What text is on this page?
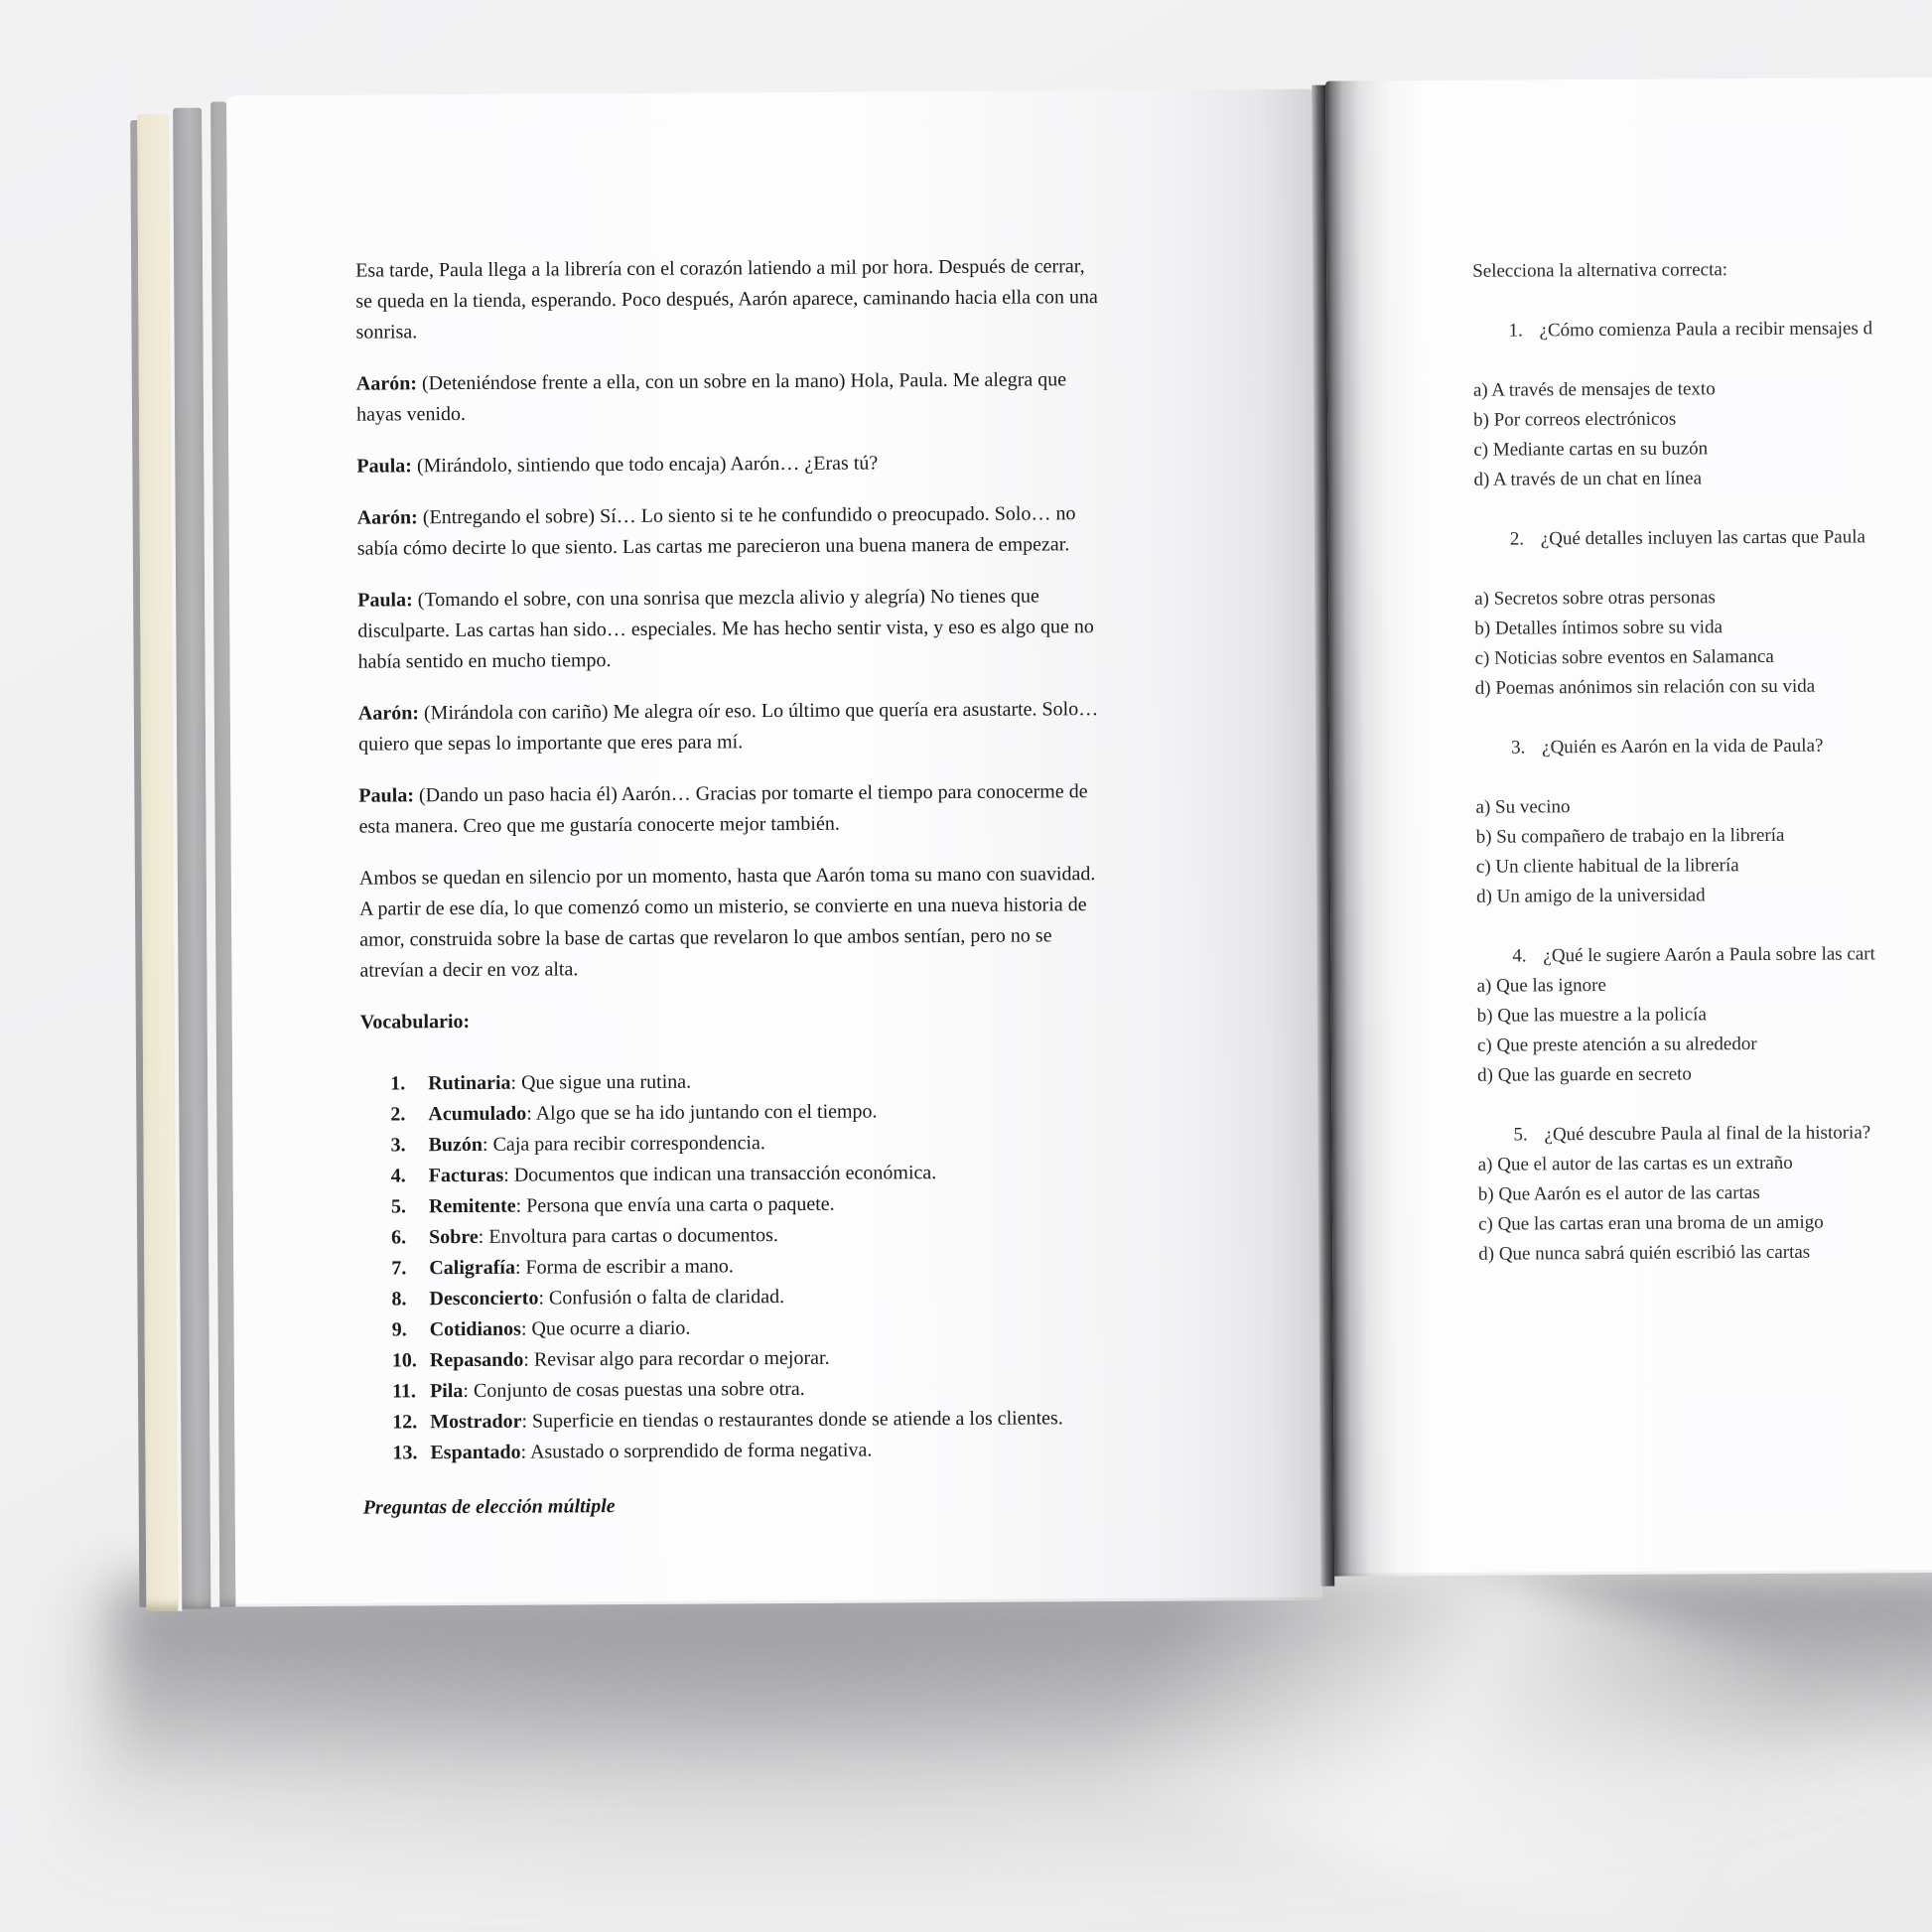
Esa tarde, Paula llega a la librería con el corazón latiendo a mil por hora. Después de cerrar,
se queda en la tienda, esperando. Poco después, Aarón aparece, caminando hacia ella con una
sonrisa.
Aarón: (Deteniéndose frente a ella, con un sobre en la mano) Hola, Paula. Me alegra que
hayas venido.
Paula: (Mirándolo, sintiendo que todo encaja) Aarón… ¿Eras tú?
Aarón: (Entregando el sobre) Sí… Lo siento si te he confundido o preocupado. Solo… no
sabía cómo decirte lo que siento. Las cartas me parecieron una buena manera de empezar.
Paula: (Tomando el sobre, con una sonrisa que mezcla alivio y alegría) No tienes que
disculparte. Las cartas han sido… especiales. Me has hecho sentir vista, y eso es algo que no
había sentido en mucho tiempo.
Aarón: (Mirándola con cariño) Me alegra oír eso. Lo último que quería era asustarte. Solo…
quiero que sepas lo importante que eres para mí.
Paula: (Dando un paso hacia él) Aarón… Gracias por tomarte el tiempo para conocerme de
esta manera. Creo que me gustaría conocerte mejor también.
Ambos se quedan en silencio por un momento, hasta que Aarón toma su mano con suavidad.
A partir de ese día, lo que comenzó como un misterio, se convierte en una nueva historia de
amor, construida sobre la base de cartas que revelaron lo que ambos sentían, pero no se
atrevían a decir en voz alta.
Vocabulario:
1. Rutinaria: Que sigue una rutina.
2. Acumulado: Algo que se ha ido juntando con el tiempo.
3. Buzón: Caja para recibir correspondencia.
4. Facturas: Documentos que indican una transacción económica.
5. Remitente: Persona que envía una carta o paquete.
6. Sobre: Envoltura para cartas o documentos.
7. Caligrafía: Forma de escribir a mano.
8. Desconcierto: Confusión o falta de claridad.
9. Cotidianos: Que ocurre a diario.
10. Repasando: Revisar algo para recordar o mejorar.
11. Pila: Conjunto de cosas puestas una sobre otra.
12. Mostrador: Superficie en tiendas o restaurantes donde se atiende a los clientes.
13. Espantado: Asustado o sorprendido de forma negativa.
Preguntas de elección múltiple
Selecciona la alternativa correcta:
1. ¿Cómo comienza Paula a recibir mensajes d
a) A través de mensajes de texto
b) Por correos electrónicos
c) Mediante cartas en su buzón
d) A través de un chat en línea
2. ¿Qué detalles incluyen las cartas que Paula
a) Secretos sobre otras personas
b) Detalles íntimos sobre su vida
c) Noticias sobre eventos en Salamanca
d) Poemas anónimos sin relación con su vida
3. ¿Quién es Aarón en la vida de Paula?
a) Su vecino
b) Su compañero de trabajo en la librería
c) Un cliente habitual de la librería
d) Un amigo de la universidad
4. ¿Qué le sugiere Aarón a Paula sobre las cart
a) Que las ignore
b) Que las muestre a la policía
c) Que preste atención a su alrededor
d) Que las guarde en secreto
5. ¿Qué descubre Paula al final de la historia?
a) Que el autor de las cartas es un extraño
b) Que Aarón es el autor de las cartas
c) Que las cartas eran una broma de un amigo
d) Que nunca sabrá quién escribió las cartas
